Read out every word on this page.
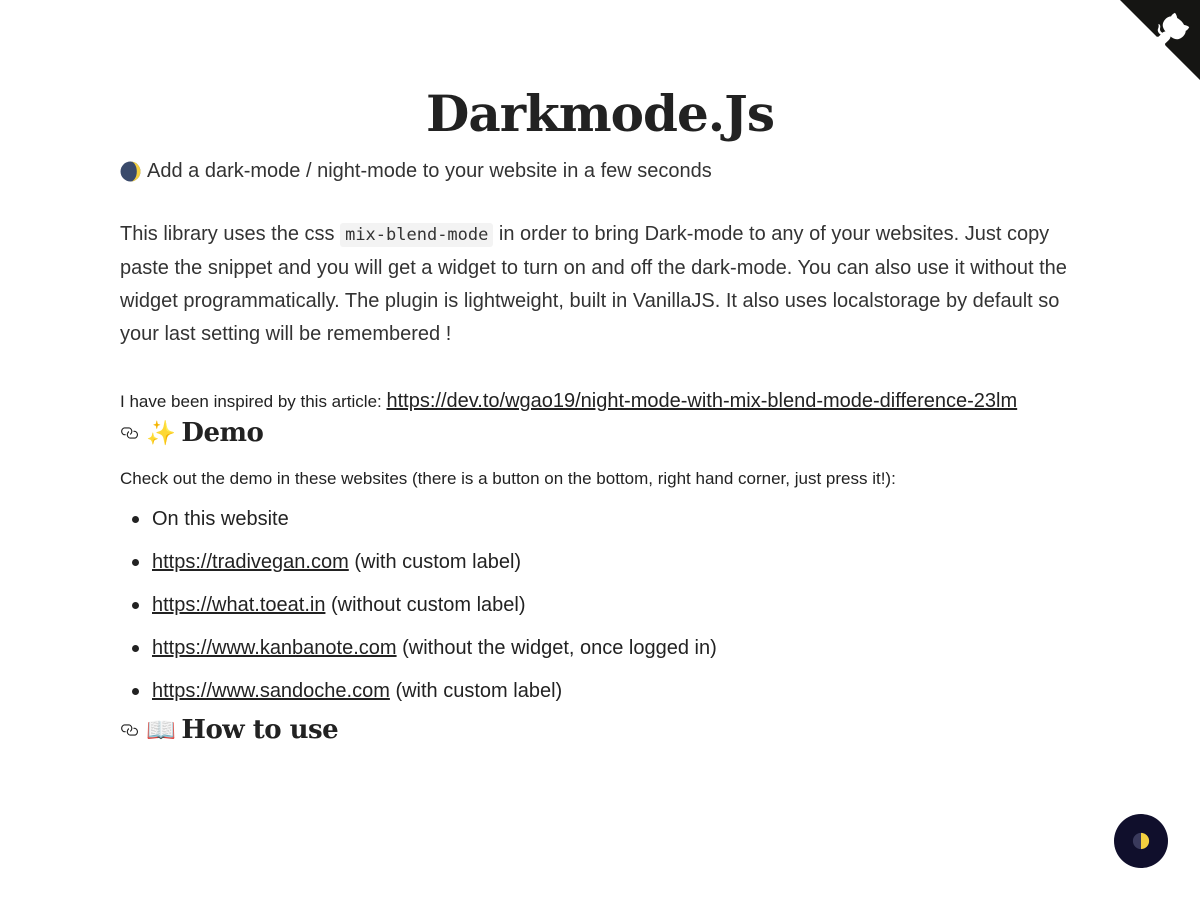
Darkmode.Js
Add a dark-mode / night-mode to your website in a few seconds

This library uses the css mix-blend-mode in order to bring Dark-mode to any of your websites. Just copy paste the snippet and you will get a widget to turn on and off the dark-mode. You can also use it without the widget programmatically. The plugin is lightweight, built in VanillaJS. It also uses localstorage by default so your last setting will be remembered !

I have been inspired by this article: https://dev.to/wgao19/night-mode-with-mix-blend-mode-difference-23lm

✨ Demo
Check out the demo in these websites (there is a button on the bottom, right hand corner, just press it!):
On this website
https://tradivegan.com (with custom label)
https://what.toeat.in (without custom label)
https://www.kanbanote.com (without the widget, once logged in)
https://www.sandoche.com (with custom label)
📖 How to use
